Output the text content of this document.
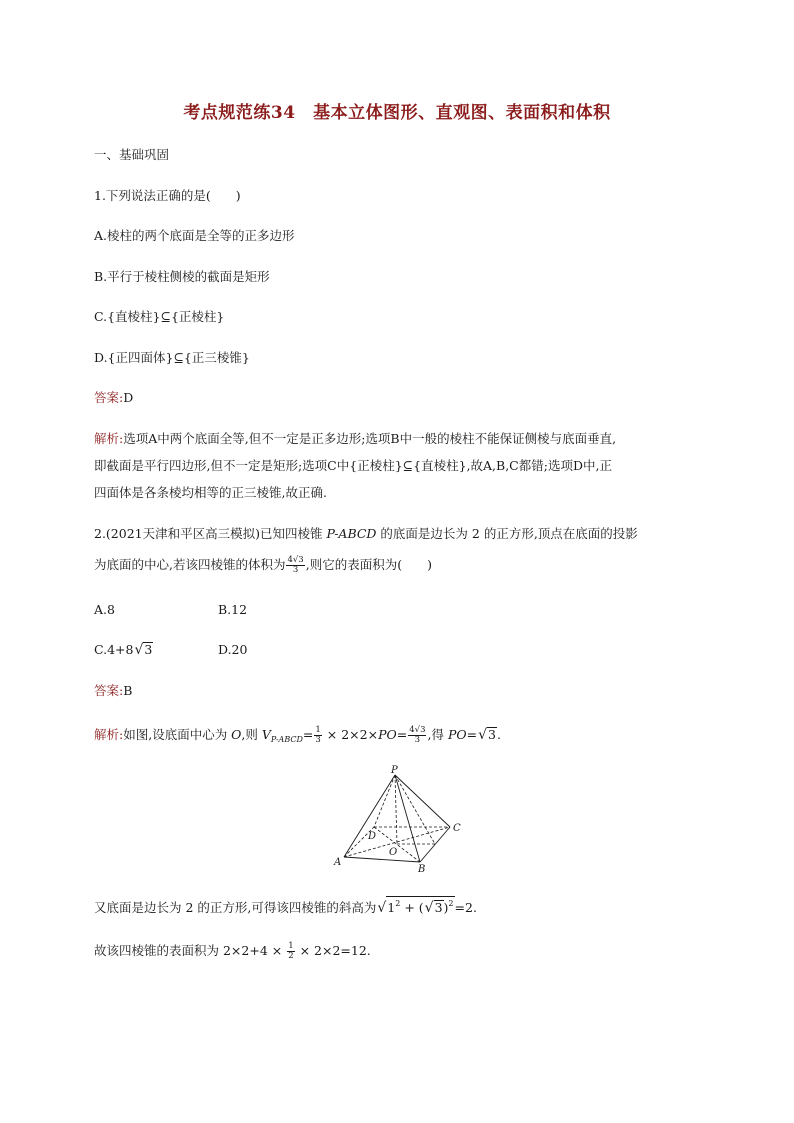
考点规范练34　基本立体图形、直观图、表面积和体积
一、基础巩固
1.下列说法正确的是(　　)
A.棱柱的两个底面是全等的正多边形
B.平行于棱柱侧棱的截面是矩形
C.{直棱柱}⊆{正棱柱}
D.{正四面体}⊆{正三棱锥}
答案:D
解析:选项A中两个底面全等,但不一定是正多边形;选项B中一般的棱柱不能保证侧棱与底面垂直,
即截面是平行四边形,但不一定是矩形;选项C中{正棱柱}⊆{直棱柱},故A,B,C都错;选项D中,正
四面体是各条棱均相等的正三棱锥,故正确.
2.(2021天津和平区高三模拟)已知四棱锥 P-ABCD 的底面是边长为 2 的正方形,顶点在底面的投影
为底面的中心,若该四棱锥的体积为 $\frac{4√3}{3}$ ,则它的表面积为(　　)
A.8	B.12
C.4+8√3	D.20
答案:B
解析:如图,设底面中心为 O,则 $V_{P-ABCD}= \frac{1}{3} \times 2\times 2\times PO= \frac{4√3}{3}$ ,得 PO=√3.
P
A
B
C
D
O
又底面是边长为 2 的正方形,可得该四棱锥的斜高为$√1^2 + (√3)^2=2$.
故该四棱锥的表面积为 $2\times 2+4 \times \frac{1}{2} \times 2\times 2=12$.
